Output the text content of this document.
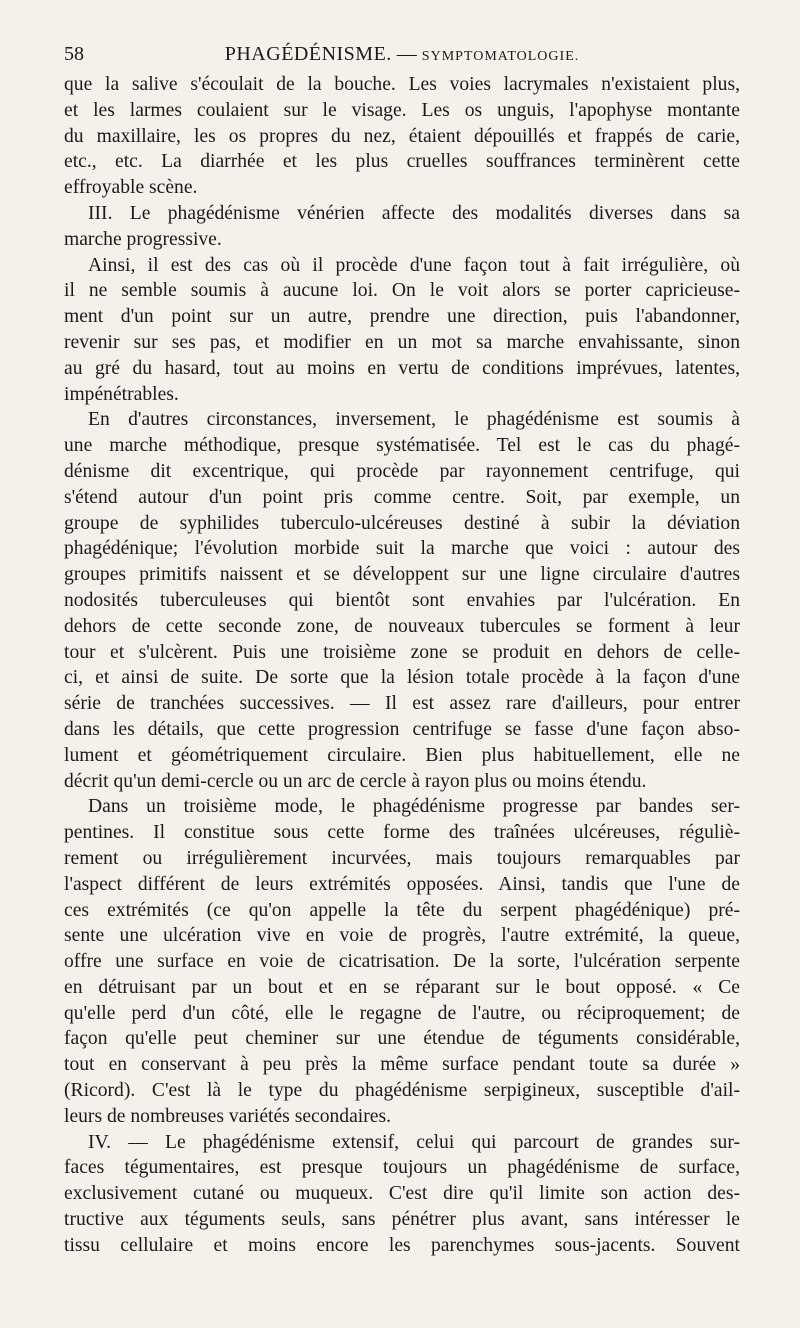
58	PHAGÉDÉNISME. — SYMPTOMATOLOGIE.
que la salive s'écoulait de la bouche. Les voies lacrymales n'existaient plus,
et les larmes coulaient sur le visage. Les os unguis, l'apophyse montante
du maxillaire, les os propres du nez, étaient dépouillés et frappés de carie,
etc., etc. La diarrhée et les plus cruelles souffrances terminèrent cette
effroyable scène.
III. Le phagédénisme vénérien affecte des modalités diverses dans sa
marche progressive.
Ainsi, il est des cas où il procède d'une façon tout à fait irrégulière, où
il ne semble soumis à aucune loi. On le voit alors se porter capricieuse-
ment d'un point sur un autre, prendre une direction, puis l'abandonner,
revenir sur ses pas, et modifier en un mot sa marche envahissante, sinon
au gré du hasard, tout au moins en vertu de conditions imprévues, latentes,
impénétrables.
En d'autres circonstances, inversement, le phagédénisme est soumis à
une marche méthodique, presque systématisée. Tel est le cas du phagé-
dénisme dit excentrique, qui procède par rayonnement centrifuge, qui
s'étend autour d'un point pris comme centre. Soit, par exemple, un
groupe de syphilides tuberculo-ulcéreuses destiné à subir la déviation
phagédénique; l'évolution morbide suit la marche que voici : autour des
groupes primitifs naissent et se développent sur une ligne circulaire d'autres
nodosités tuberculeuses qui bientôt sont envahies par l'ulcération. En
dehors de cette seconde zone, de nouveaux tubercules se forment à leur
tour et s'ulcèrent. Puis une troisième zone se produit en dehors de celle-
ci, et ainsi de suite. De sorte que la lésion totale procède à la façon d'une
série de tranchées successives. — Il est assez rare d'ailleurs, pour entrer
dans les détails, que cette progression centrifuge se fasse d'une façon abso-
lument et géométriquement circulaire. Bien plus habituellement, elle ne
décrit qu'un demi-cercle ou un arc de cercle à rayon plus ou moins étendu.
Dans un troisième mode, le phagédénisme progresse par bandes ser-
pentines. Il constitue sous cette forme des traînées ulcéreuses, réguliè-
rement ou irrégulièrement incurvées, mais toujours remarquables par
l'aspect différent de leurs extrémités opposées. Ainsi, tandis que l'une de
ces extrémités (ce qu'on appelle la tête du serpent phagédénique) pré-
sente une ulcération vive en voie de progrès, l'autre extrémité, la queue,
offre une surface en voie de cicatrisation. De la sorte, l'ulcération serpente
en détruisant par un bout et en se réparant sur le bout opposé. « Ce
qu'elle perd d'un côté, elle le regagne de l'autre, ou réciproquement; de
façon qu'elle peut cheminer sur une étendue de téguments considérable,
tout en conservant à peu près la même surface pendant toute sa durée »
(Ricord). C'est là le type du phagédénisme serpigineux, susceptible d'ail-
leurs de nombreuses variétés secondaires.
IV. — Le phagédénisme extensif, celui qui parcourt de grandes sur-
faces tégumentaires, est presque toujours un phagédénisme de surface,
exclusivement cutané ou muqueux. C'est dire qu'il limite son action des-
tructive aux téguments seuls, sans pénétrer plus avant, sans intéresser le
tissu cellulaire et moins encore les parenchymes sous-jacents. Souvent
